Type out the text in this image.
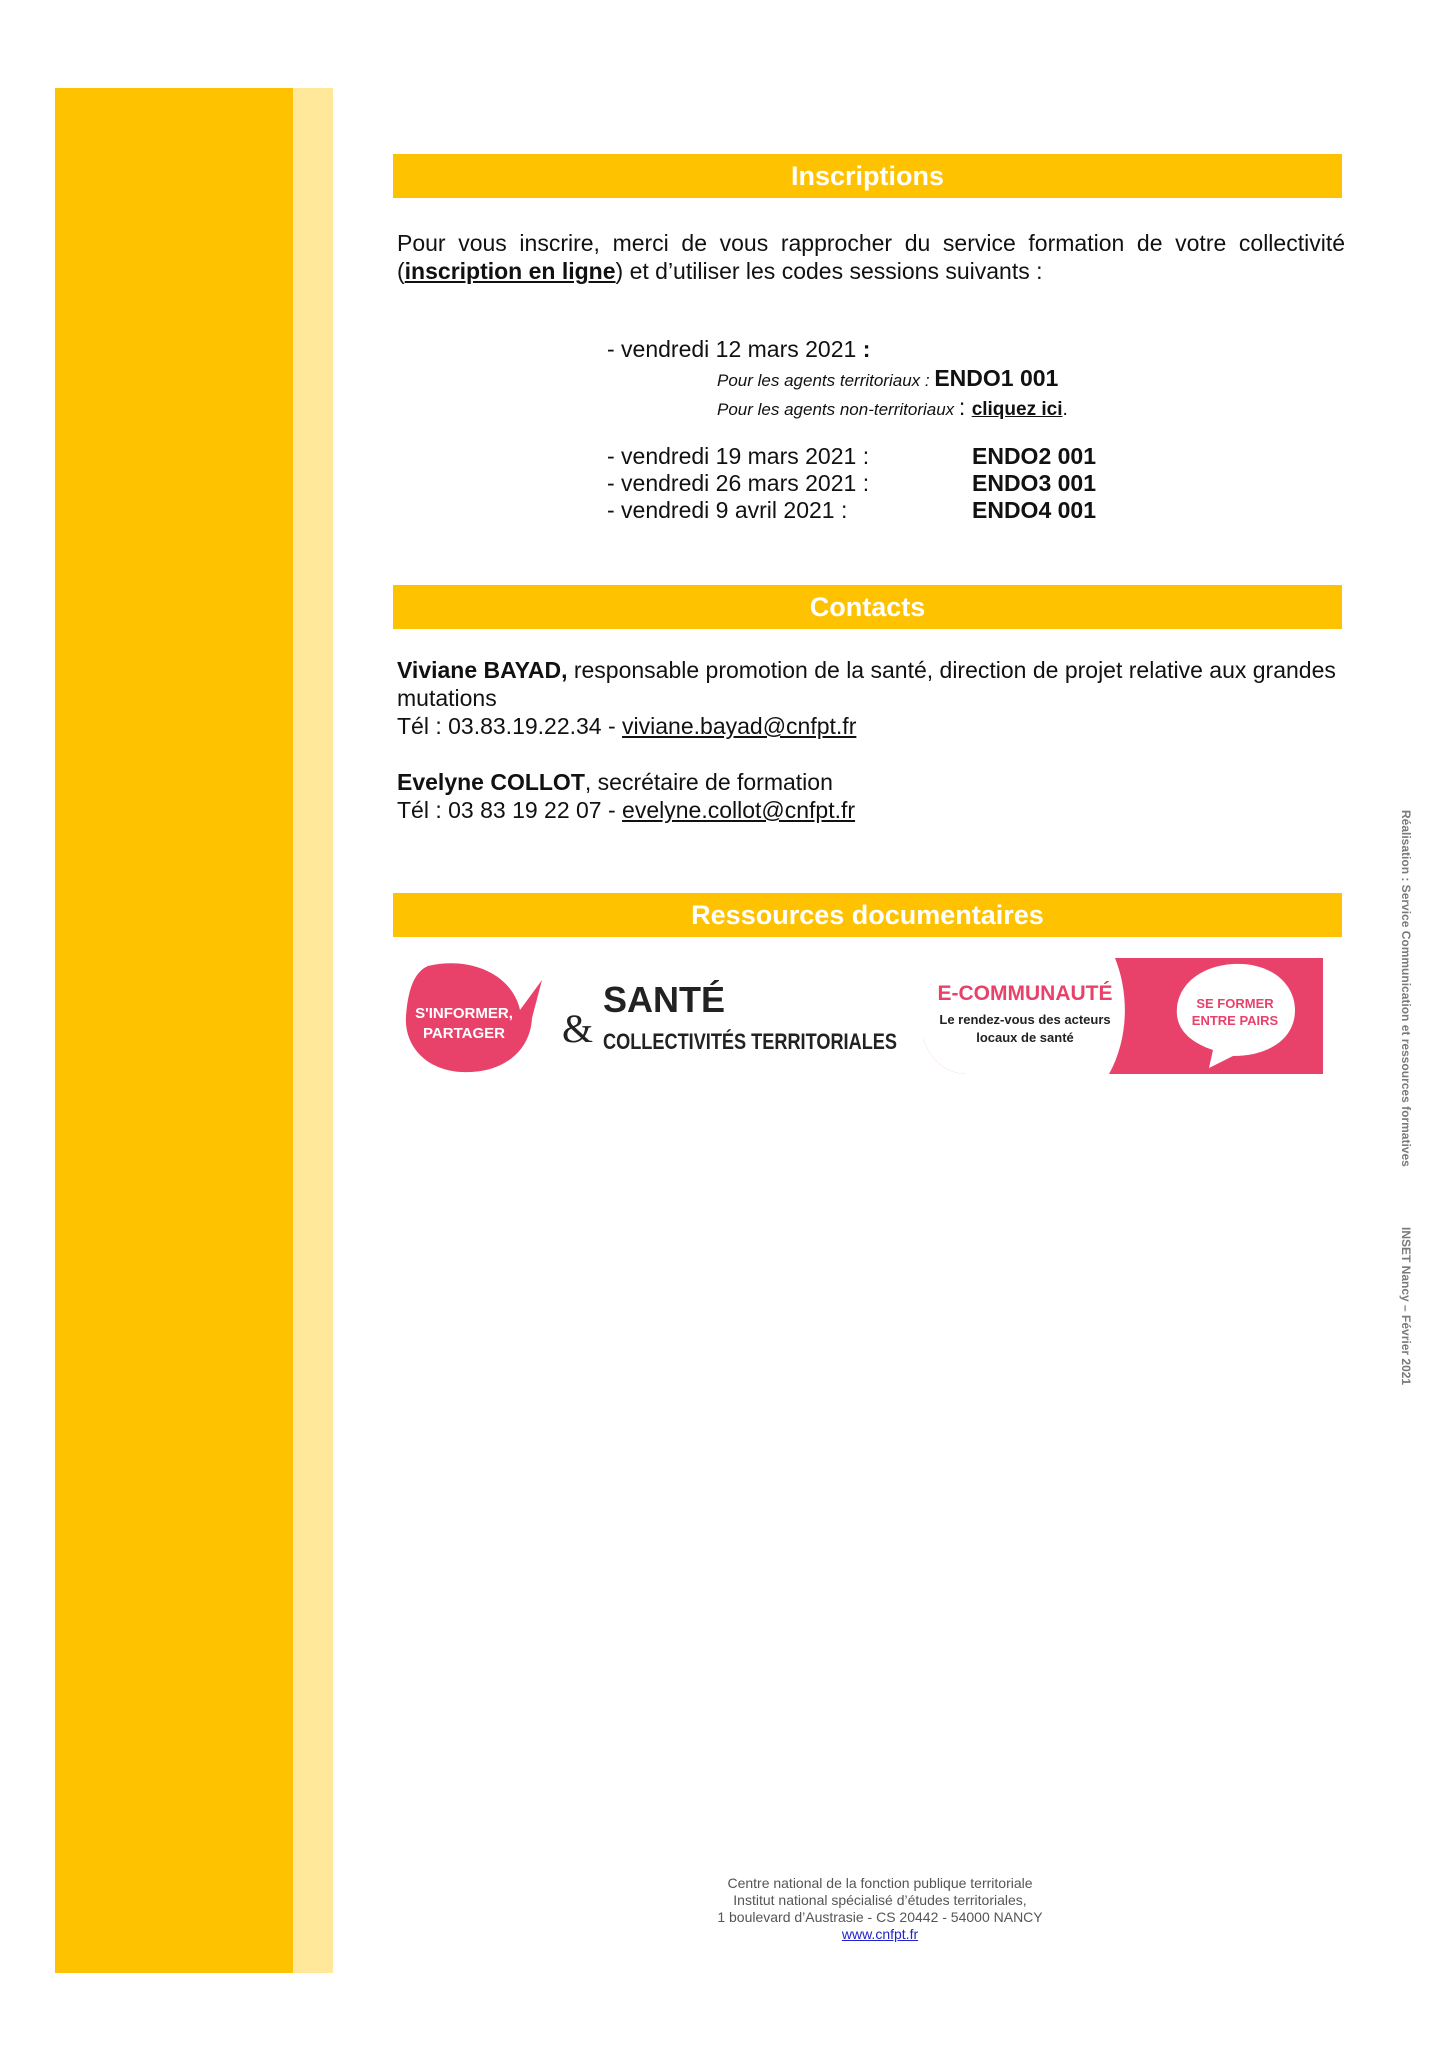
Inscriptions
Pour vous inscrire, merci de vous rapprocher du service formation de votre collectivité (inscription en ligne) et d’utiliser les codes sessions suivants :
- vendredi 12 mars 2021 :
Pour les agents territoriaux : ENDO1 001
Pour les agents non-territoriaux : cliquez ici.
- vendredi 19 mars 2021 :	ENDO2 001
- vendredi 26 mars 2021 :	ENDO3 001
- vendredi 9 avril 2021 :	ENDO4 001
Contacts
Viviane BAYAD, responsable promotion de la santé, direction de projet relative aux grandes mutations
Tél : 03.83.19.22.34 - viviane.bayad@cnfpt.fr
Evelyne COLLOT, secrétaire de formation
Tél : 03 83 19 22 07 - evelyne.collot@cnfpt.fr
Ressources documentaires
S'INFORMER,
PARTAGER &
SANTÉ
COLLECTIVITÉS TERRITORIALES
E-COMMUNAUTÉ
Le rendez-vous des acteurs
locaux de santé
SE FORMER
ENTRE PAIRS	Réalisation : Service Communication et ressources formatives
INSET Nancy – Février 2021
Centre national de la fonction publique territoriale
Institut national spécialisé d’études territoriales,
1 boulevard d’Austrasie - CS 20442 - 54000 NANCY
www.cnfpt.fr
